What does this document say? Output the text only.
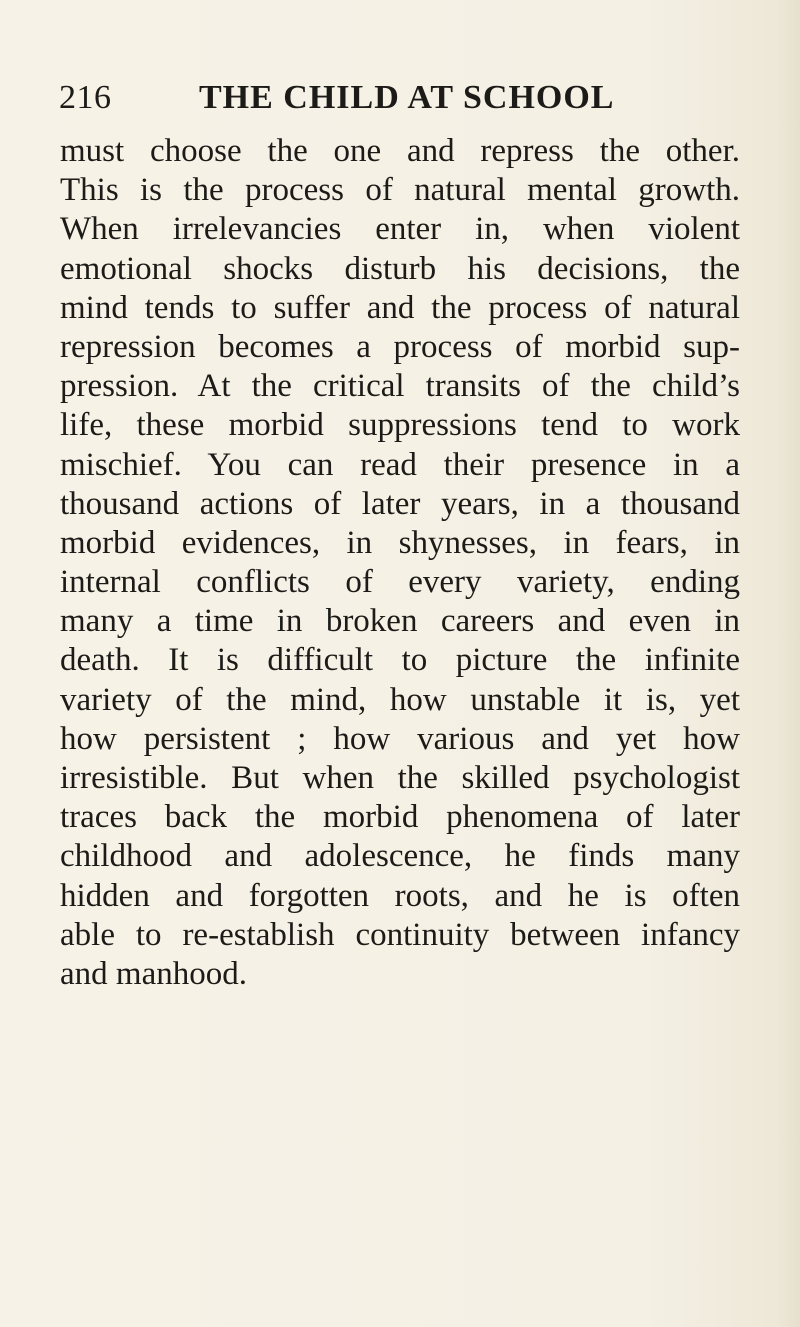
216	THE CHILD AT SCHOOL
must choose the one and repress the other.
This is the process of natural mental growth.
When irrelevancies enter in, when violent
emotional shocks disturb his decisions, the
mind tends to suffer and the process of natural
repression becomes a process of morbid sup-
pression. At the critical transits of the child’s
life, these morbid suppressions tend to work
mischief. You can read their presence in a
thousand actions of later years, in a thousand
morbid evidences, in shynesses, in fears, in
internal conflicts of every variety, ending
many a time in broken careers and even in
death. It is difficult to picture the infinite
variety of the mind, how unstable it is, yet
how persistent ; how various and yet how
irresistible. But when the skilled psychologist
traces back the morbid phenomena of later
childhood and adolescence, he finds many
hidden and forgotten roots, and he is often
able to re-establish continuity between infancy
and manhood.
